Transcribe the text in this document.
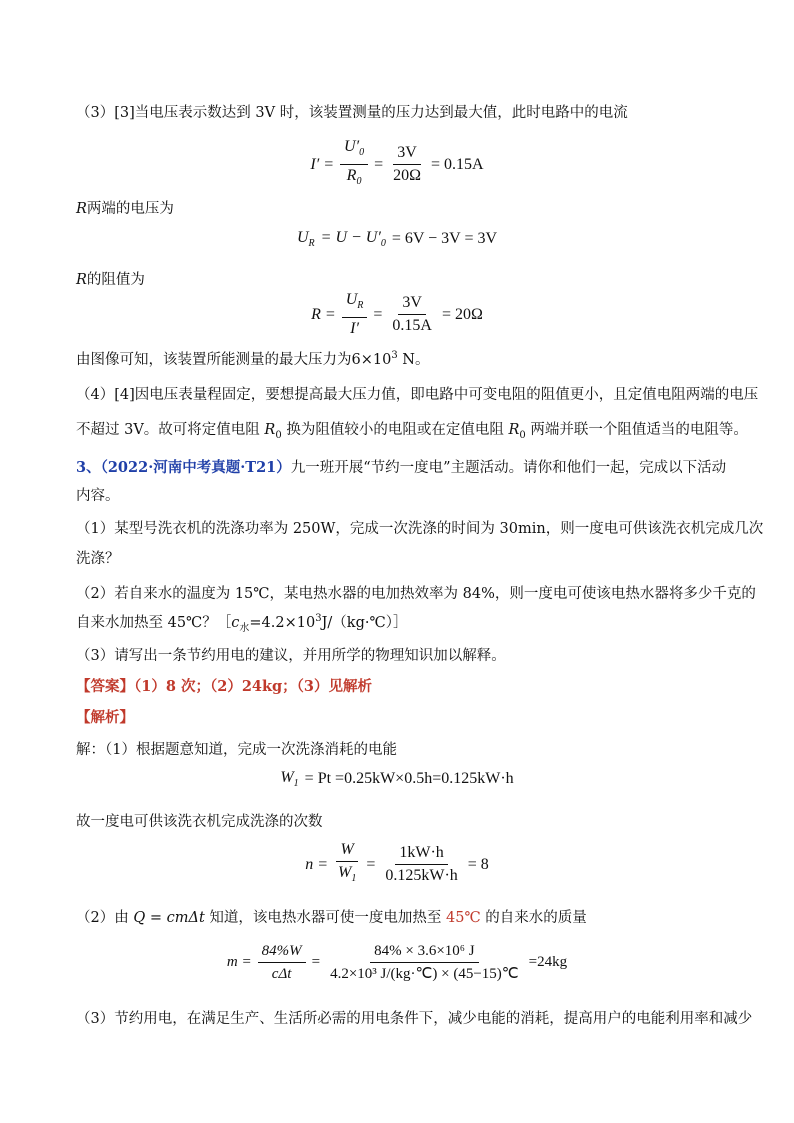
（3）[3]当电压表示数达到 3V 时，该装置测量的压力达到最大值，此时电路中的电流
$I' = \frac{U'_0}{R_0} = \frac{3V}{20\Omega} = 0.15A$
R两端的电压为
$U_R = U - U'_0 = 6V - 3V = 3V$
R的阻值为
$R = \frac{U_R}{I'} = \frac{3V}{0.15A} = 20\Omega$
由图像可知，该装置所能测量的最大压力为$6\times 10^3$ N。
（4）[4]因电压表量程固定，要想提高最大压力值，即电路中可变电阻的阻值更小，且定值电阻两端的电压
不超过 3V。故可将定值电阻 $R_0$ 换为阻值较小的电阻或在定值电阻 $R_0$ 两端并联一个阻值适当的电阻等。
3、（2022·河南中考真题·T21）九一班开展“节约一度电”主题活动。请你和他们一起，完成以下活动
内容。
（1）某型号洗衣机的洗涤功率为 250W，完成一次洗涤的时间为 30min，则一度电可供该洗衣机完成几次
洗涤？
（2）若自来水的温度为 15℃，某电热水器的电加热效率为 84%，则一度电可使该电热水器将多少千克的
自来水加热至 45℃？$[c_水=4.2\times 10^3J/(kg\cdot℃)]$
（3）请写出一条节约用电的建议，并用所学的物理知识加以解释。
【答案】（1）8 次；（2）24kg；（3）见解析
【解析】
解：（1）根据题意知道，完成一次洗涤消耗的电能
$W_1 = Pt =0.25kW\times 0.5h=0.125kW\cdot h$
故一度电可供该洗衣机完成洗涤的次数
$n = \frac{W}{W_1} = \frac{1kW\cdot h}{0.125kW\cdot h} = 8$
（2）由 Q = cmΔt 知道，该电热水器可使一度电加热至 45℃ 的自来水的质量
$m = \frac{84\%W}{\text{cΔt}} = \frac{\text{84\% × 3.6×10⁶ J}}{\text{4.2×10³ J/(kg·℃) × (45−15)℃}} =24kg$
（3）节约用电，在满足生产、生活所必需的用电条件下，减少电能的消耗，提高用户的电能利用率和减少
